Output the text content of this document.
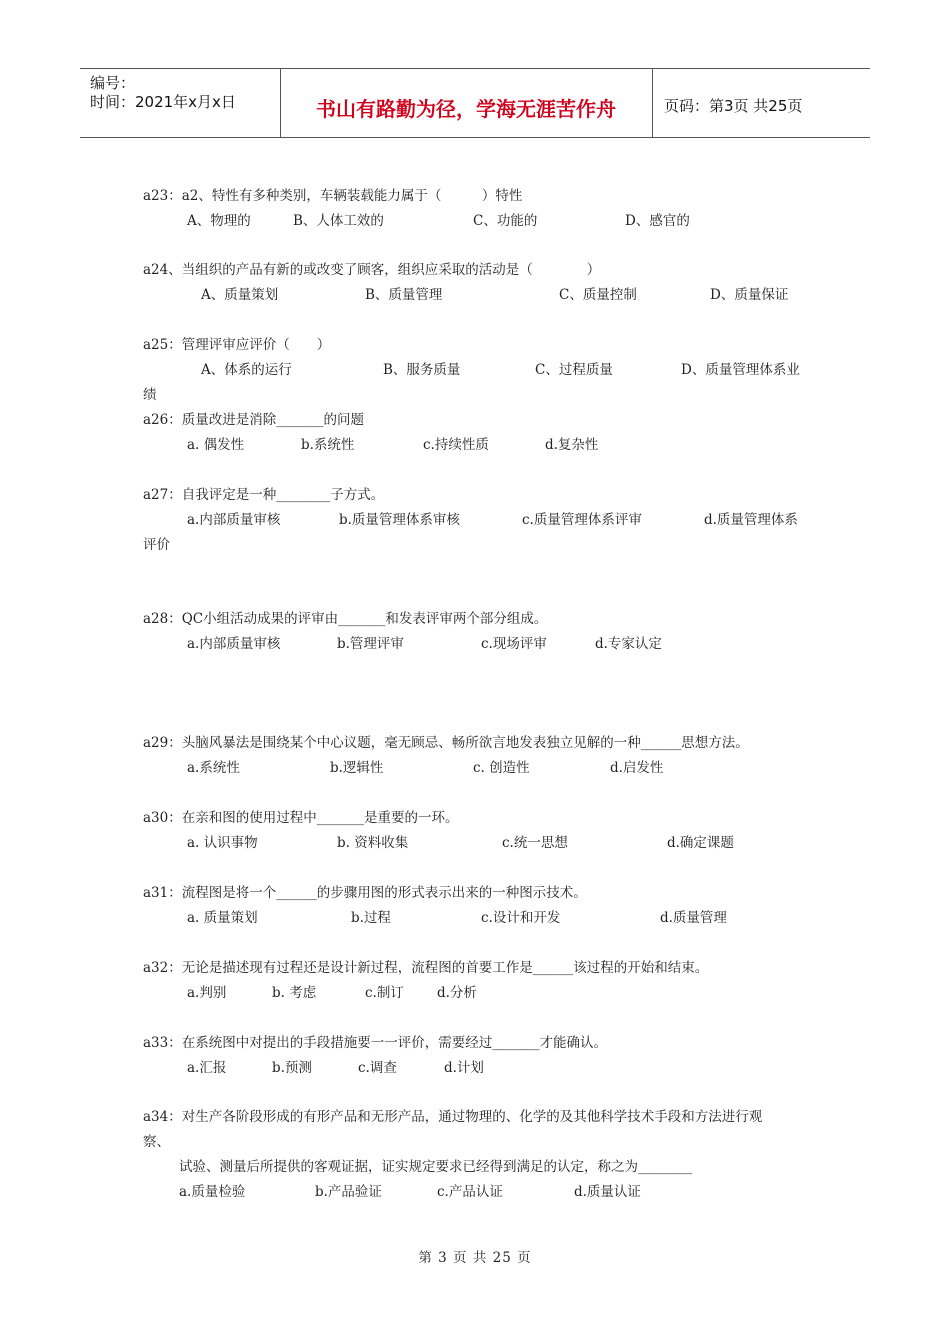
编号：
时间：2021年x月x日	书山有路勤为径，学海无涯苦作舟	页码：第3页 共25页
a23：a2、特性有多种类别，车辆装载能力属于（　　　）特性
A、物理的	B、人体工效的	C、功能的	D、感官的
a24、当组织的产品有新的或改变了顾客，组织应采取的活动是（　　　　）
A、质量策划	B、质量管理	C、质量控制	D、质量保证
a25：管理评审应评价（　　）
A、体系的运行	B、服务质量	C、过程质量	D、质量管理体系业
绩
a26：质量改进是消除_______的问题
a. 偶发性	b.系统性	c.持续性质	d.复杂性
a27：自我评定是一种________子方式。
a.内部质量审核	b.质量管理体系审核	c.质量管理体系评审	d.质量管理体系
评价
a28：QC小组活动成果的评审由_______和发表评审两个部分组成。
a.内部质量审核	b.管理评审	c.现场评审	d.专家认定
a29：头脑风暴法是围绕某个中心议题，毫无顾忌、畅所欲言地发表独立见解的一种______思想方法。
a.系统性	b.逻辑性	c. 创造性	d.启发性
a30：在亲和图的使用过程中_______是重要的一环。
a. 认识事物	b. 资料收集	c.统一思想	d.确定课题
a31：流程图是将一个______的步骤用图的形式表示出来的一种图示技术。
a. 质量策划	b.过程	c.设计和开发	d.质量管理
a32：无论是描述现有过程还是设计新过程，流程图的首要工作是______该过程的开始和结束。
a.判别	b. 考虑	c.制订 d.分析
a33：在系统图中对提出的手段措施要一一评价，需要经过_______才能确认。
a.汇报	b.预测	c.调查	d.计划
a34：对生产各阶段形成的有形产品和无形产品，通过物理的、化学的及其他科学技术手段和方法进行观
察、
试验、测量后所提供的客观证据，证实规定要求已经得到满足的认定，称之为________
a.质量检验	b.产品验证	c.产品认证	d.质量认证
第 3 页 共 25 页
